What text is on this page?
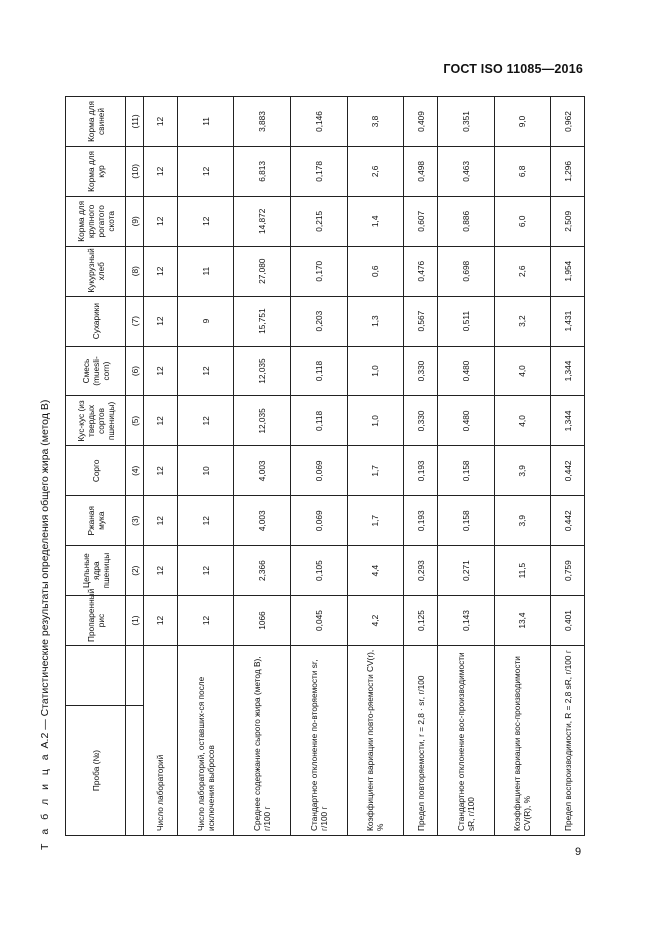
ГОСТ ISO 11085—2016
Т а б л и ц а А.2 — Статистические результаты определения общего жира (метод B)
Проба (№)		Пропаренный рис	Цельные ядра пшеницы	Ржаная мука	Сорго	Кус-кус (из твердых сортов пшеницы)	Смесь (muesli-corn)	Сухарики	Кукурузный хлеб	Корма для крупного рогатого скота	Корма для кур	Корма для свиней
		(1)	(2)	(3)	(4)	(5)	(6)	(7)	(8)	(9)	(10)	(11)
Число лабораторий		12	12	12	12	12	12	12	12	12	12	12
Число лабораторий, оставших-ся после исключения выбросов		12	12	12	10	12	12	9	11	12	12	11
Среднее содержание сырого жира (метод B), г/100 г		1066	2,366	4,003	4,003	12,035	12,035	15,751	27,080	14,872	6,813	3,883
Стандартное отклонение по-вторяемости sr, г/100 г		0,045	0,105	0,069	0,069	0,118	0,118	0,203	0,170	0,215	0,178	0,146
Коэффициент вариации повто-ряемости CV(r), %		4,2	4,4	1,7	1,7	1,0	1,0	1,3	0,6	1,4	2,6	3,8
Предел повторяемости, r = 2,8 · sr, г/100		0,125	0,293	0,193	0,193	0,330	0,330	0,567	0,476	0,607	0,498	0,409
Стандартное отклонение вос-производимости sR, г/100		0,143	0,271	0,158	0,158	0,480	0,480	0,511	0,698	0,886	0,463	0,351
Коэффициент вариации вос-производимости CV(R), %		13,4	11,5	3,9	3,9	4,0	4,0	3,2	2,6	6,0	6,8	9,0
Предел воспроизводимости, R = 2,8 sR, г/100 г		0,401	0,759	0,442	0,442	1,344	1,344	1,431	1,954	2,509	1,296	0,962
9
